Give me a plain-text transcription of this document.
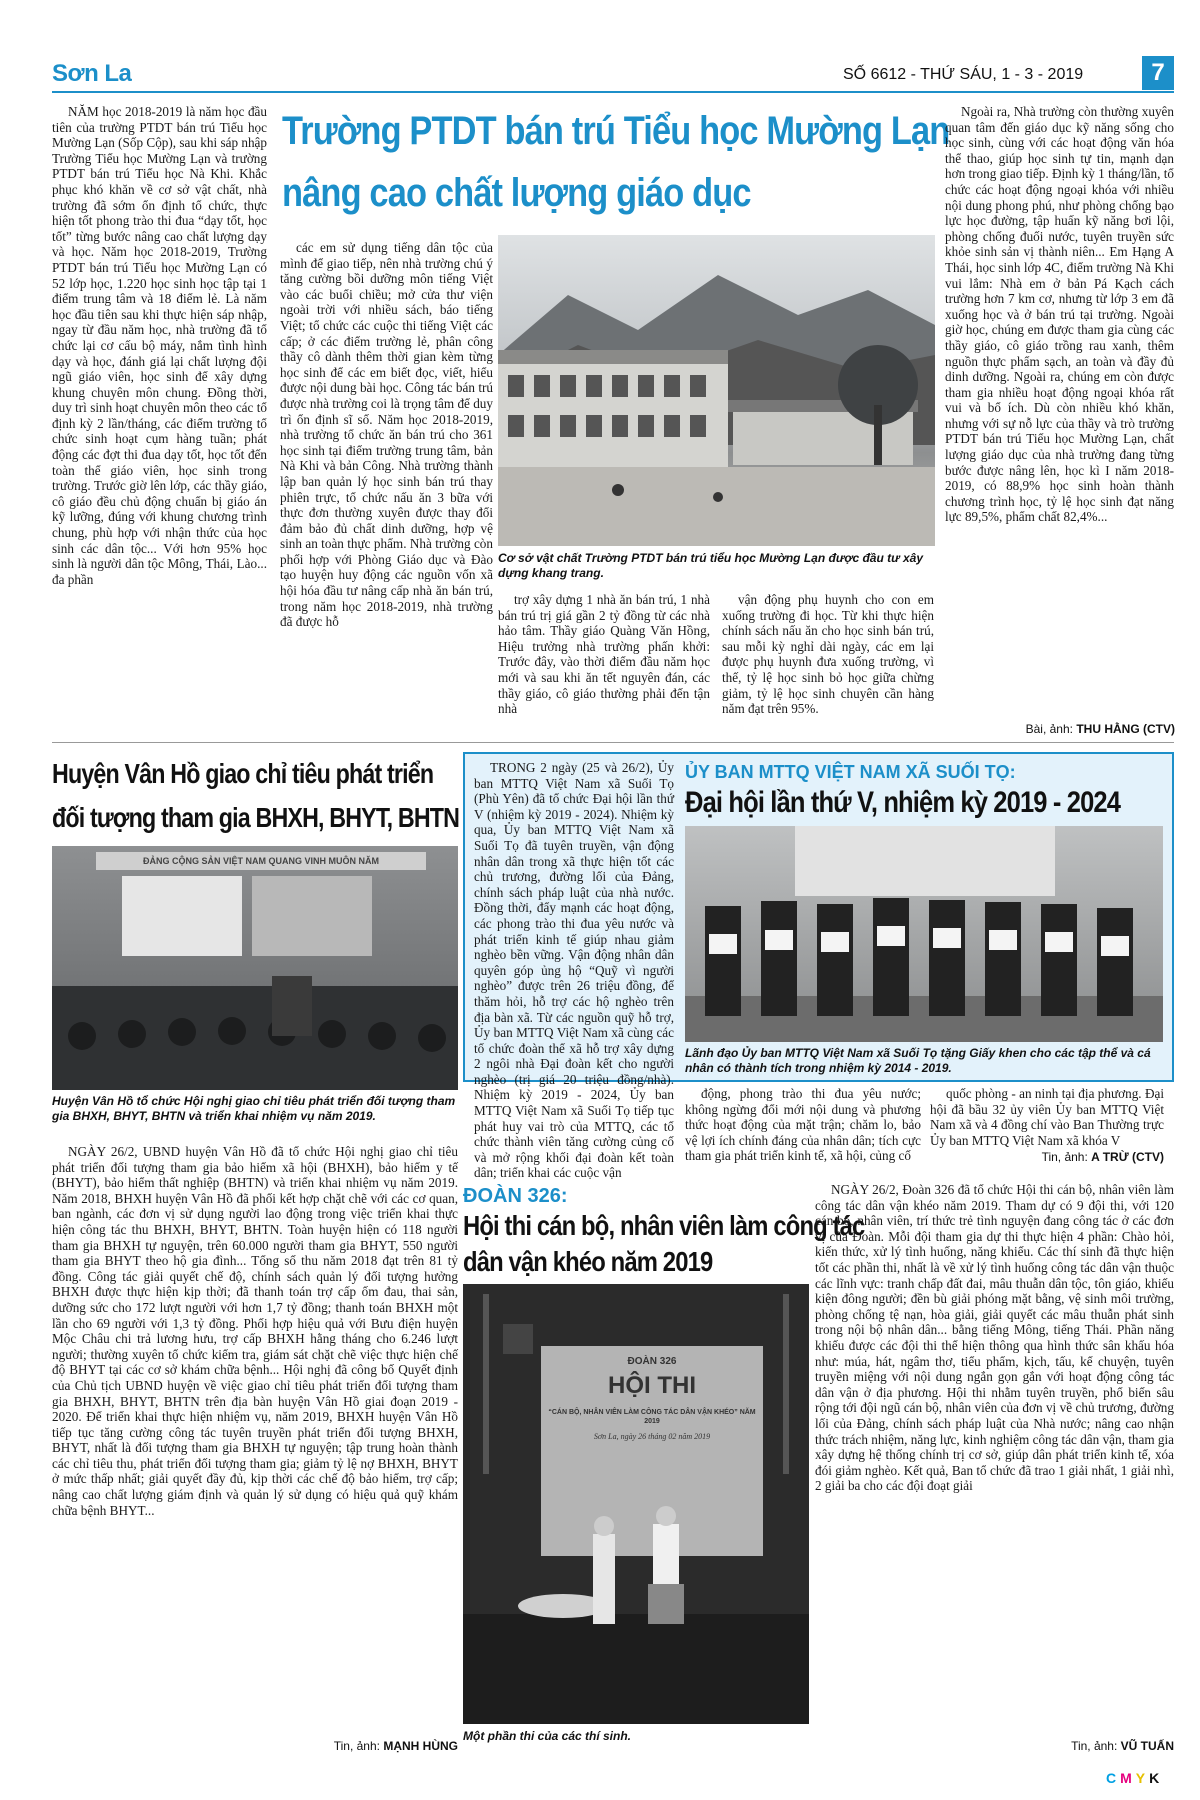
Sơn La	SỐ 6612 - THỨ SÁU, 1 - 3 - 2019	7
Trường PTDT bán trú Tiểu học Mường Lạn
nâng cao chất lượng giáo dục

NĂM học 2018-2019 là năm học đầu tiên của trường PTDT bán trú Tiểu học Mường Lạn (Sốp Cộp), sau khi sáp nhập Trường Tiểu học Mường Lạn và trường PTDT bán trú Tiểu học Nà Khi. Khắc phục khó khăn về cơ sở vật chất, nhà trường đã sớm ổn định tổ chức, thực hiện tốt phong trào thi đua “dạy tốt, học tốt” từng bước nâng cao chất lượng dạy và học. Năm học 2018-2019, Trường PTDT bán trú Tiểu học Mường Lạn có 52 lớp học, 1.220 học sinh học tập tại 1 điểm trung tâm và 18 điểm lẻ. Là năm học đầu tiên sau khi thực hiện sáp nhập, ngay từ đầu năm học, nhà trường đã tổ chức lại cơ cấu bộ máy, nắm tình hình dạy và học, đánh giá lại chất lượng đội ngũ giáo viên, học sinh để xây dựng khung chuyên môn chung. Đồng thời, duy trì sinh hoạt chuyên môn theo các tổ định kỳ 2 lần/tháng, các điểm trường tổ chức sinh hoạt cụm hàng tuần; phát động các đợt thi đua dạy tốt, học tốt đến toàn thể giáo viên, học sinh trong trường. Trước giờ lên lớp, các thầy giáo, cô giáo đều chủ động chuẩn bị giáo án kỹ lưỡng, đúng với khung chương trình chung, phù hợp với nhận thức của học sinh các dân tộc... Với hơn 95% học sinh là người dân tộc Mông, Thái, Lào... đa phần

các em sử dụng tiếng dân tộc của mình để giao tiếp, nên nhà trường chú ý tăng cường bồi dưỡng môn tiếng Việt vào các buổi chiều; mở cửa thư viện ngoài trời với nhiều sách, báo tiếng Việt; tổ chức các cuộc thi tiếng Việt các cấp; ở các điểm trường lẻ, phân công thầy cô dành thêm thời gian kèm từng học sinh để các em biết đọc, viết, hiểu được nội dung bài học. Công tác bán trú được nhà trường coi là trọng tâm để duy trì ổn định sĩ số. Năm học 2018-2019, nhà trường tổ chức ăn bán trú cho 361 học sinh tại điểm trường trung tâm, bản Nà Khi và bản Công. Nhà trường thành lập ban quản lý học sinh bán trú thay phiên trực, tổ chức nấu ăn 3 bữa với thực đơn thường xuyên được thay đổi đảm bảo đủ chất dinh dưỡng, hợp vệ sinh an toàn thực phẩm. Nhà trường còn phối hợp với Phòng Giáo dục và Đào tạo huyện huy động các nguồn vốn xã hội hóa đầu tư nâng cấp nhà ăn bán trú, trong năm học 2018-2019, nhà trường đã được hỗ

Cơ sở vật chất Trường PTDT bán trú tiểu học Mường Lạn được đầu tư xây dựng khang trang.

trợ xây dựng 1 nhà ăn bán trú, 1 nhà bán trú trị giá gần 2 tỷ đồng từ các nhà hảo tâm. Thầy giáo Quàng Văn Hồng, Hiệu trưởng nhà trường phấn khởi: Trước đây, vào thời điểm đầu năm học mới và sau khi ăn tết nguyên đán, các thầy giáo, cô giáo thường phải đến tận nhà

vận động phụ huynh cho con em xuống trường đi học. Từ khi thực hiện chính sách nấu ăn cho học sinh bán trú, sau mỗi kỳ nghỉ dài ngày, các em lại được phụ huynh đưa xuống trường, vì thế, tỷ lệ học sinh bỏ học giữa chừng giảm, tỷ lệ học sinh chuyên cần hàng năm đạt trên 95%.

Ngoài ra, Nhà trường còn thường xuyên quan tâm đến giáo dục kỹ năng sống cho học sinh, cùng với các hoạt động văn hóa thể thao, giúp học sinh tự tin, mạnh dạn hơn trong giao tiếp. Định kỳ 1 tháng/lần, tổ chức các hoạt động ngoại khóa với nhiều nội dung phong phú, như phòng chống bạo lực học đường, tập huấn kỹ năng bơi lội, phòng chống đuối nước, tuyên truyền sức khỏe sinh sản vị thành niên... Em Hạng A Thái, học sinh lớp 4C, điểm trường Nà Khi vui lắm: Nhà em ở bản Pá Kạch cách trường hơn 7 km cơ, nhưng từ lớp 3 em đã xuống học và ở bán trú tại trường. Ngoài giờ học, chúng em được tham gia cùng các thầy giáo, cô giáo trồng rau xanh, thêm nguồn thực phẩm sạch, an toàn và đầy đủ dinh dưỡng. Ngoài ra, chúng em còn được tham gia nhiều hoạt động ngoại khóa rất vui và bổ ích. Dù còn nhiều khó khăn, nhưng với sự nỗ lực của thầy và trò trường PTDT bán trú Tiểu học Mường Lạn, chất lượng giáo dục của nhà trường đang từng bước được nâng lên, học kì I năm 2018-2019, có 88,9% học sinh hoàn thành chương trình học, tỷ lệ học sinh đạt năng lực 89,5%, phẩm chất 82,4%...

Bài, ảnh: THU HẰNG (CTV)
Huyện Vân Hồ giao chỉ tiêu phát triển
đối tượng tham gia BHXH, BHYT, BHTN
ĐẢNG CỘNG SẢN VIỆT NAM QUANG VINH MUÔN NĂM
Huyện Vân Hồ tổ chức Hội nghị giao chỉ tiêu phát triển đối tượng tham gia BHXH, BHYT, BHTN và triển khai nhiệm vụ năm 2019.

NGÀY 26/2, UBND huyện Vân Hồ đã tổ chức Hội nghị giao chỉ tiêu phát triển đối tượng tham gia bảo hiểm xã hội (BHXH), bảo hiểm y tế (BHYT), bảo hiểm thất nghiệp (BHTN) và triển khai nhiệm vụ năm 2019. Năm 2018, BHXH huyện Vân Hồ đã phối kết hợp chặt chẽ với các cơ quan, ban ngành, các đơn vị sử dụng người lao động trong việc triển khai thực hiện công tác thu BHXH, BHYT, BHTN. Toàn huyện hiện có 118 người tham gia BHXH tự nguyện, trên 60.000 người tham gia BHYT, 550 người tham gia BHYT theo hộ gia đình... Tổng số thu năm 2018 đạt trên 81 tỷ đồng. Công tác giải quyết chế độ, chính sách quản lý đối tượng hưởng BHXH được thực hiện kịp thời; đã thanh toán trợ cấp ốm đau, thai sản, dưỡng sức cho 172 lượt người với hơn 1,7 tỷ đồng; thanh toán BHXH một lần cho 69 người với 1,3 tỷ đồng. Phối hợp hiệu quả với Bưu điện huyện Mộc Châu chi trả lương hưu, trợ cấp BHXH hằng tháng cho 6.246 lượt người; thường xuyên tổ chức kiểm tra, giám sát chặt chẽ việc thực hiện chế độ BHYT tại các cơ sở khám chữa bệnh... Hội nghị đã công bố Quyết định của Chủ tịch UBND huyện về việc giao chỉ tiêu phát triển đối tượng tham gia BHXH, BHYT, BHTN trên địa bàn huyện Vân Hồ giai đoạn 2019 - 2020. Để triển khai thực hiện nhiệm vụ, năm 2019, BHXH huyện Vân Hồ tiếp tục tăng cường công tác tuyên truyền phát triển đối tượng BHXH, BHYT, nhất là đối tượng tham gia BHXH tự nguyện; tập trung hoàn thành các chỉ tiêu thu, phát triển đối tượng tham gia; giảm tỷ lệ nợ BHXH, BHYT ở mức thấp nhất; giải quyết đầy đủ, kịp thời các chế độ bảo hiểm, trợ cấp; nâng cao chất lượng giám định và quản lý sử dụng có hiệu quả quỹ khám chữa bệnh BHYT...

Tin, ảnh: MẠNH HÙNG

TRONG 2 ngày (25 và 26/2), Ủy ban MTTQ Việt Nam xã Suối Tọ (Phù Yên) đã tổ chức Đại hội lần thứ V (nhiệm kỳ 2019 - 2024). Nhiệm kỳ qua, Ủy ban MTTQ Việt Nam xã Suối Tọ đã tuyên truyền, vận động nhân dân trong xã thực hiện tốt các chủ trương, đường lối của Đảng, chính sách pháp luật của nhà nước. Đồng thời, đẩy mạnh các hoạt động, các phong trào thi đua yêu nước và phát triển kinh tế giúp nhau giảm nghèo bền vững. Vận động nhân dân quyên góp ủng hộ “Quỹ vì người nghèo” được trên 26 triệu đồng, để thăm hỏi, hỗ trợ các hộ nghèo trên địa bàn xã. Từ các nguồn quỹ hỗ trợ, Ủy ban MTTQ Việt Nam xã cùng các tổ chức đoàn thể xã hỗ trợ xây dựng 2 ngôi nhà Đại đoàn kết cho người nghèo (trị giá 20 triệu đồng/nhà). Nhiệm kỳ 2019 - 2024, Ủy ban MTTQ Việt Nam xã Suối Tọ tiếp tục phát huy vai trò của MTTQ, các tổ chức thành viên tăng cường củng cố và mở rộng khối đại đoàn kết toàn dân; triển khai các cuộc vận

ỦY BAN MTTQ VIỆT NAM XÃ SUỐI TỌ:
Đại hội lần thứ V, nhiệm kỳ 2019 - 2024
Lãnh đạo Ủy ban MTTQ Việt Nam xã Suối Tọ tặng Giấy khen cho các tập thể và cá nhân có thành tích trong nhiệm kỳ 2014 - 2019.

động, phong trào thi đua yêu nước; không ngừng đổi mới nội dung và phương thức hoạt động của mặt trận; chăm lo, bảo vệ lợi ích chính đáng của nhân dân; tích cực tham gia phát triển kinh tế, xã hội, củng cố

quốc phòng - an ninh tại địa phương. Đại hội đã bầu 32 ủy viên Ủy ban MTTQ Việt Nam xã và 4 đồng chí vào Ban Thường trực Ủy ban MTTQ Việt Nam xã khóa V

Tin, ảnh: A TRỪ (CTV)
ĐOÀN 326:
Hội thi cán bộ, nhân viên làm công tác
dân vận khéo năm 2019
ĐOÀN 326
HỘI THI
“CÁN BỘ, NHÂN VIÊN LÀM CÔNG TÁC DÂN VẬN KHÉO” NĂM 2019
Sơn La, ngày 26 tháng 02 năm 2019
Một phần thi của các thí sinh.

NGÀY 26/2, Đoàn 326 đã tổ chức Hội thi cán bộ, nhân viên làm công tác dân vận khéo năm 2019. Tham dự có 9 đội thi, với 120 cán bộ, nhân viên, trí thức trẻ tình nguyện đang công tác ở các đơn vị của Đoàn. Mỗi đội tham gia dự thi thực hiện 4 phần: Chào hỏi, kiến thức, xử lý tình huống, năng khiếu. Các thí sinh đã thực hiện tốt các phần thi, nhất là về xử lý tình huống công tác dân vận thuộc các lĩnh vực: tranh chấp đất đai, mâu thuẫn dân tộc, tôn giáo, khiếu kiện đông người; đền bù giải phóng mặt bằng, vệ sinh môi trường, phòng chống tệ nạn, hòa giải, giải quyết các mâu thuẫn phát sinh trong nội bộ nhân dân... bằng tiếng Mông, tiếng Thái. Phần năng khiếu được các đội thi thể hiện thông qua hình thức sân khấu hóa như: múa, hát, ngâm thơ, tiểu phẩm, kịch, tấu, kể chuyện, tuyên truyền miệng với nội dung ngắn gọn gắn với hoạt động công tác dân vận ở địa phương. Hội thi nhằm tuyên truyền, phổ biến sâu rộng tới đội ngũ cán bộ, nhân viên của đơn vị về chủ trương, đường lối của Đảng, chính sách pháp luật của Nhà nước; nâng cao nhận thức trách nhiệm, năng lực, kinh nghiệm công tác dân vận, tham gia xây dựng hệ thống chính trị cơ sở, giúp dân phát triển kinh tế, xóa đói giảm nghèo. Kết quả, Ban tổ chức đã trao 1 giải nhất, 1 giải nhì, 2 giải ba cho các đội đoạt giải

Tin, ảnh: VŨ TUẤN
CMYK
